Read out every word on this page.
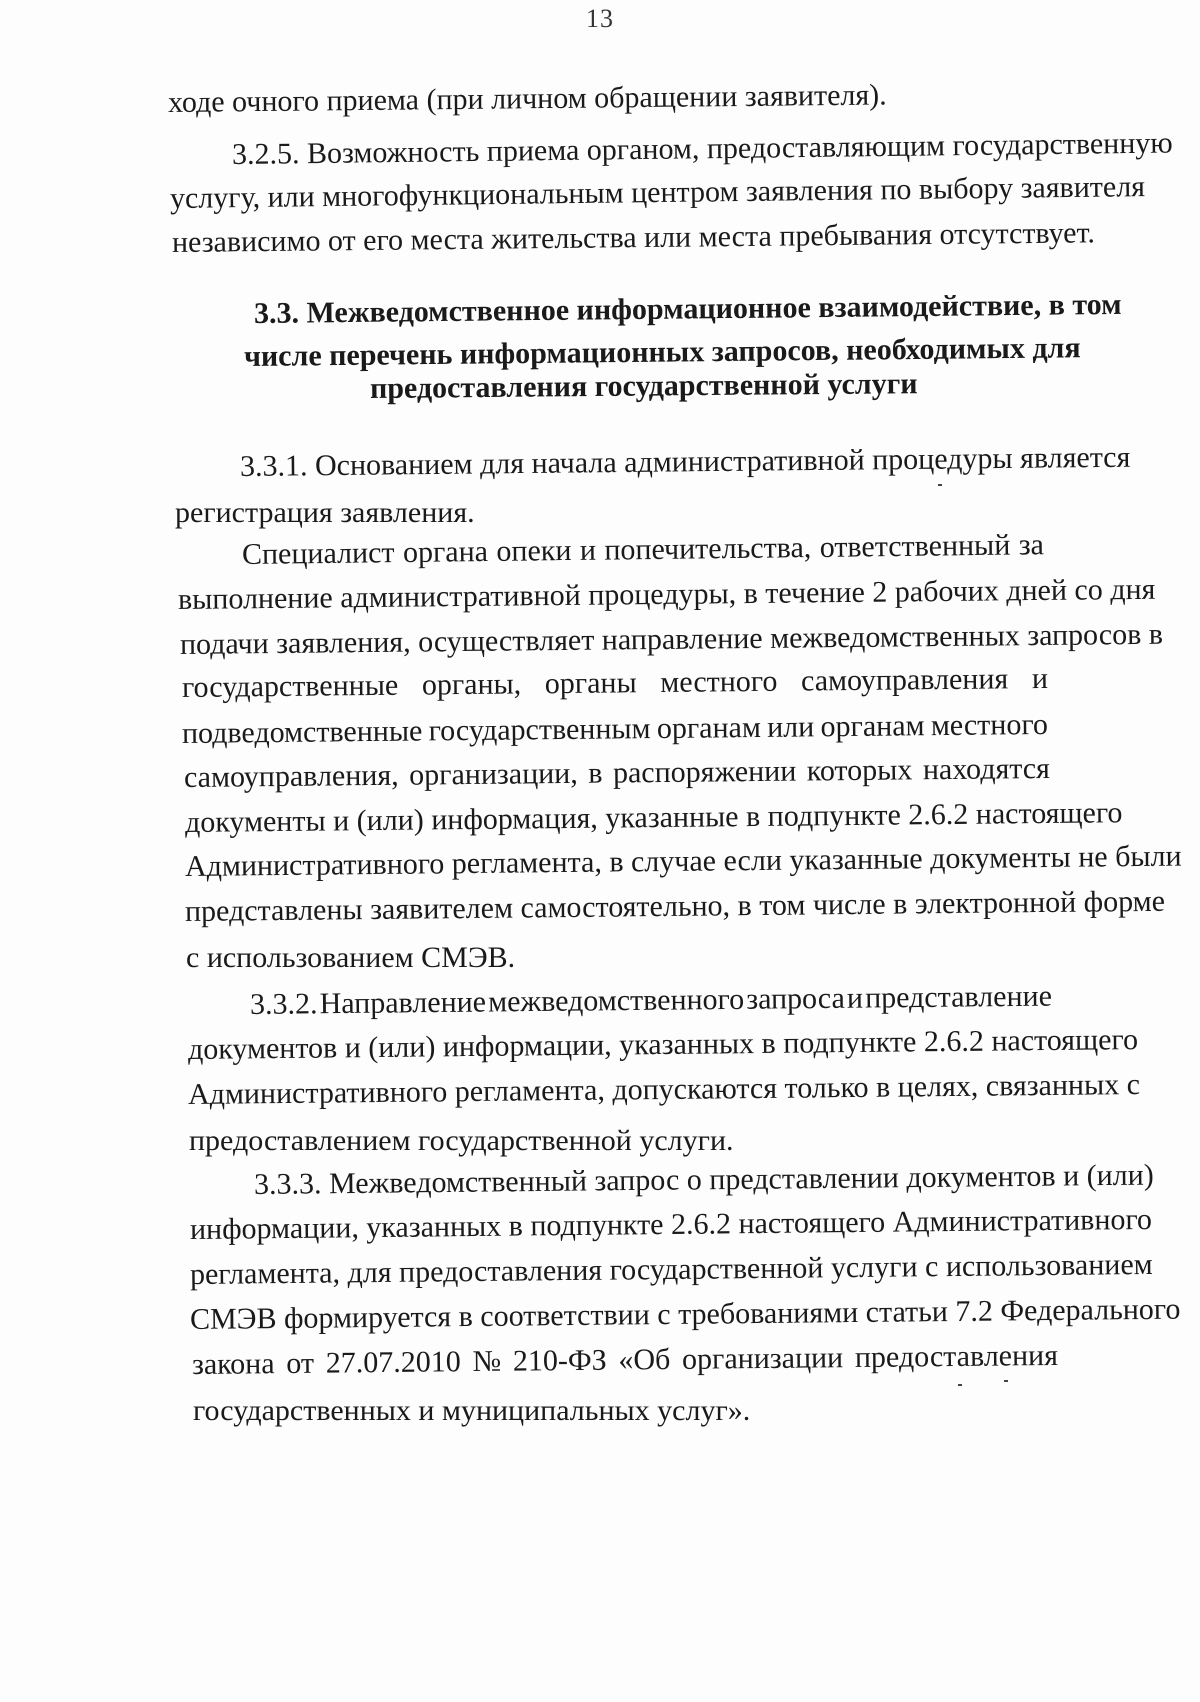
13
ходе очного приема (при личном обращении заявителя).
3.2.5. Возможность приема органом, предоставляющим государственную
услугу, или многофункциональным центром заявления по выбору заявителя
независимо от его места жительства или места пребывания отсутствует.
3.3. Межведомственное информационное взаимодействие, в том
числе перечень информационных запросов, необходимых для
предоставления государственной услуги
3.3.1. Основанием для начала административной процедуры является
регистрация заявления.
Специалист органа опеки и попечительства, ответственный за
выполнение административной процедуры, в течение 2 рабочих дней со дня
подачи заявления, осуществляет направление межведомственных запросов в
государственные органы, органы местного самоуправления и
подведомственные государственным органам или органам местного
самоуправления, организации, в распоряжении которых находятся
документы и (или) информация, указанные в подпункте 2.6.2 настоящего
Административного регламента, в случае если указанные документы не были
представлены заявителем самостоятельно, в том числе в электронной форме
с использованием СМЭВ.
3.3.2. Направление межведомственного запроса и представление
документов и (или) информации, указанных в подпункте 2.6.2 настоящего
Административного регламента, допускаются только в целях, связанных с
предоставлением государственной услуги.
3.3.3. Межведомственный запрос о представлении документов и (или)
информации, указанных в подпункте 2.6.2 настоящего Административного
регламента, для предоставления государственной услуги с использованием
СМЭВ формируется в соответствии с требованиями статьи 7.2 Федерального
закона от 27.07.2010 № 210-ФЗ «Об организации предоставления
государственных и муниципальных услуг».
